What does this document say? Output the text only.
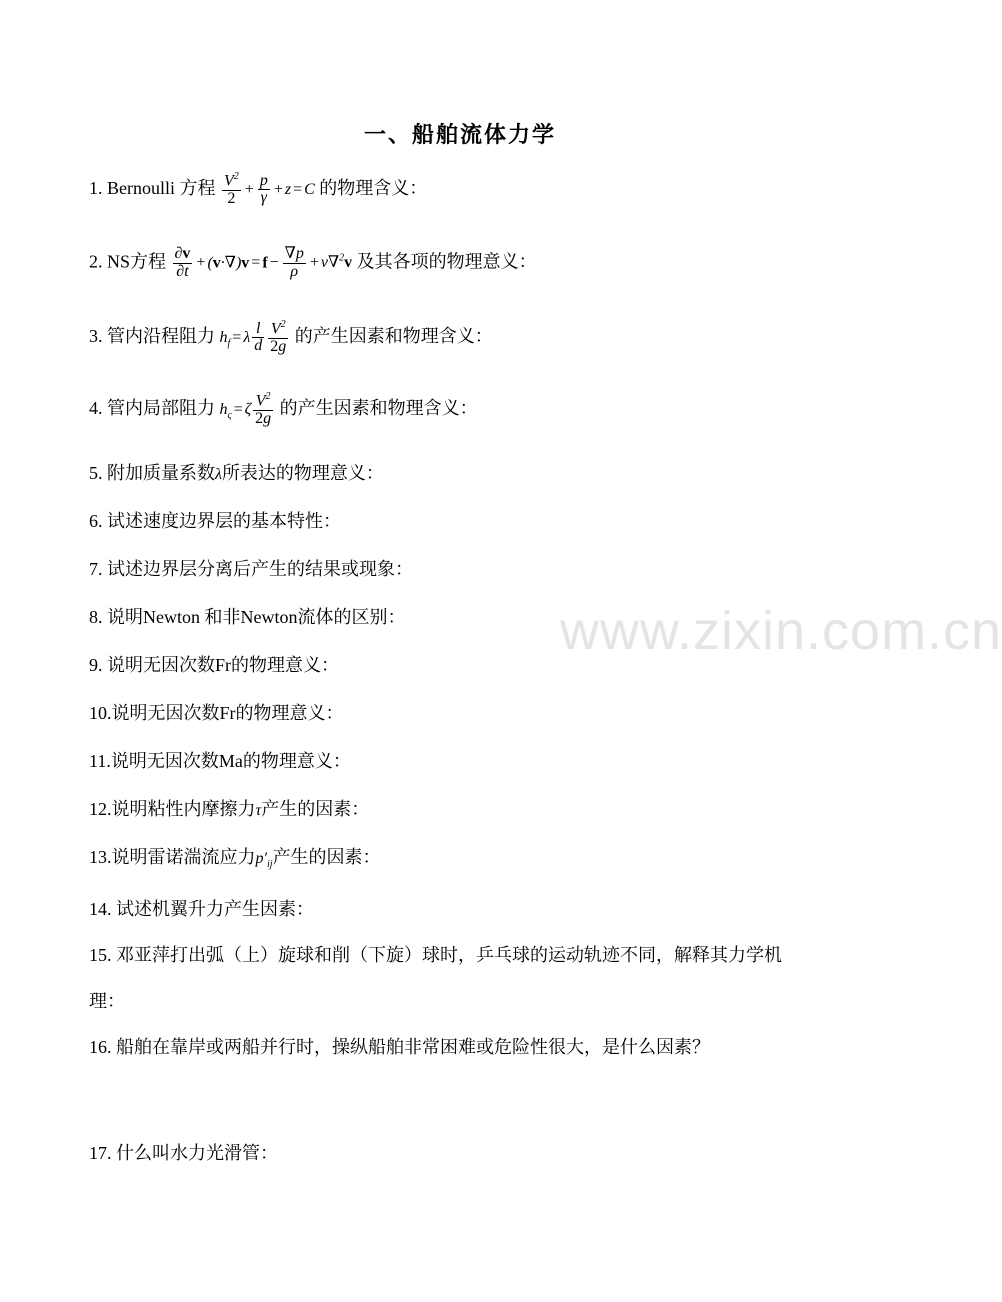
一、船舶流体力学
1. Bernoulli 方程 $\frac{V^2}{2} + \frac{p}{\gamma} + z = C$ 的物理含义：
2. NS方程 $\frac{\partial v}{\partial t} + (v\cdot\nabla)v = f - \frac{\nabla p}{\rho} + \nu\nabla^2v$ 及其各项的物理意义：
3. 管内沿程阻力 $h_f = \lambda \frac{l}{d} \frac{V^2}{2g}$ 的产生因素和物理含义：
4. 管内局部阻力 $h_\varsigma = \zeta \frac{V^2}{2g}$ 的产生因素和物理含义：
5. 附加质量系数λ所表达的物理意义：
6. 试述速度边界层的基本特性：
7. 试述边界层分离后产生的结果或现象：
8. 说明Newton 和非Newton流体的区别：
9. 说明无因次数Fr的物理意义：
10.说明无因次数Fr的物理意义：
11.说明无因次数Ma的物理意义：
12.说明粘性内摩擦力τ产生的因素：
13.说明雷诺湍流应力$p'_{ij}$产生的因素：
14. 试述机翼升力产生因素：
15. 邓亚萍打出弧（上）旋球和削（下旋）球时，乒乓球的运动轨迹不同，解释其力学机理：
16. 船舶在靠岸或两船并行时，操纵船舶非常困难或危险性很大，是什么因素？
17. 什么叫水力光滑管：
www.zixin.com.cn
